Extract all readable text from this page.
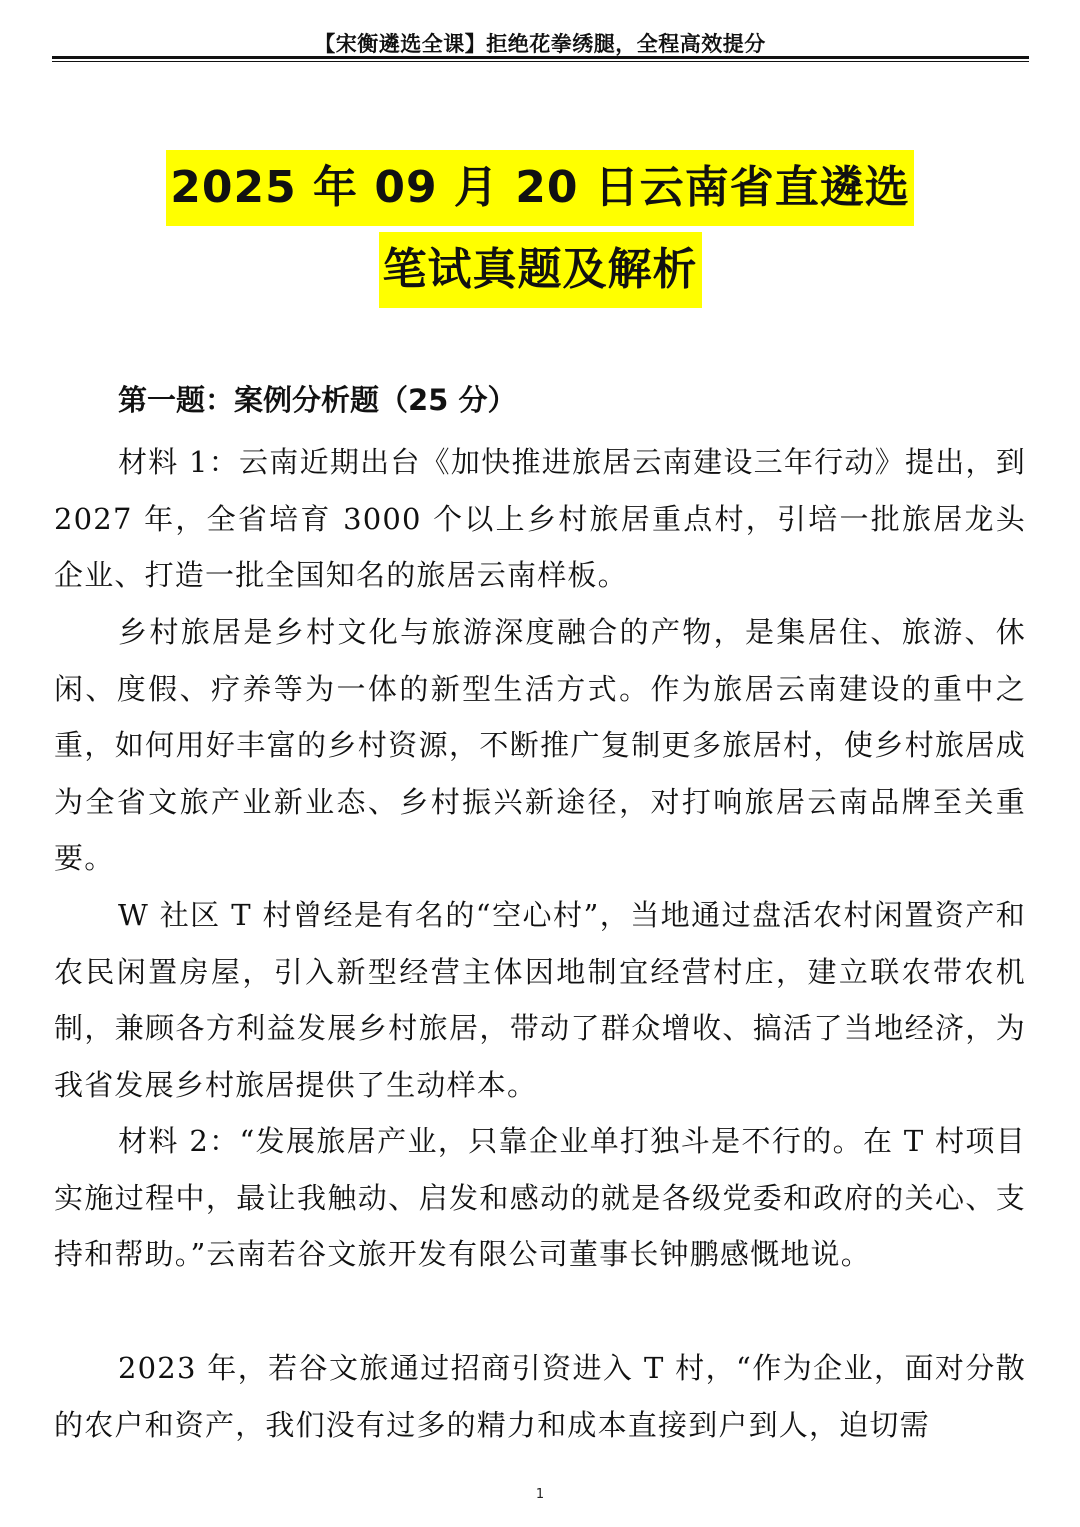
【宋衡遴选全课】拒绝花拳绣腿，全程高效提分
2025 年 09 月 20 日云南省直遴选
笔试真题及解析
第一题：案例分析题（25 分）

材料 1：云南近期出台《加快推进旅居云南建设三年行动》提出，到 2027 年，全省培育 3000 个以上乡村旅居重点村，引培一批旅居龙头企业、打造一批全国知名的旅居云南样板。

乡村旅居是乡村文化与旅游深度融合的产物，是集居住、旅游、休闲、度假、疗养等为一体的新型生活方式。作为旅居云南建设的重中之重，如何用好丰富的乡村资源，不断推广复制更多旅居村，使乡村旅居成为全省文旅产业新业态、乡村振兴新途径，对打响旅居云南品牌至关重要。

W 社区 T 村曾经是有名的“空心村”，当地通过盘活农村闲置资产和农民闲置房屋，引入新型经营主体因地制宜经营村庄，建立联农带农机制，兼顾各方利益发展乡村旅居，带动了群众增收、搞活了当地经济，为我省发展乡村旅居提供了生动样本。

材料 2：“发展旅居产业，只靠企业单打独斗是不行的。在 T 村项目实施过程中，最让我触动、启发和感动的就是各级党委和政府的关心、支持和帮助。”云南若谷文旅开发有限公司董事长钟鹏感慨地说。

2023 年，若谷文旅通过招商引资进入 T 村，“作为企业，面对分散的农户和资产，我们没有过多的精力和成本直接到户到人，迫切需

1
